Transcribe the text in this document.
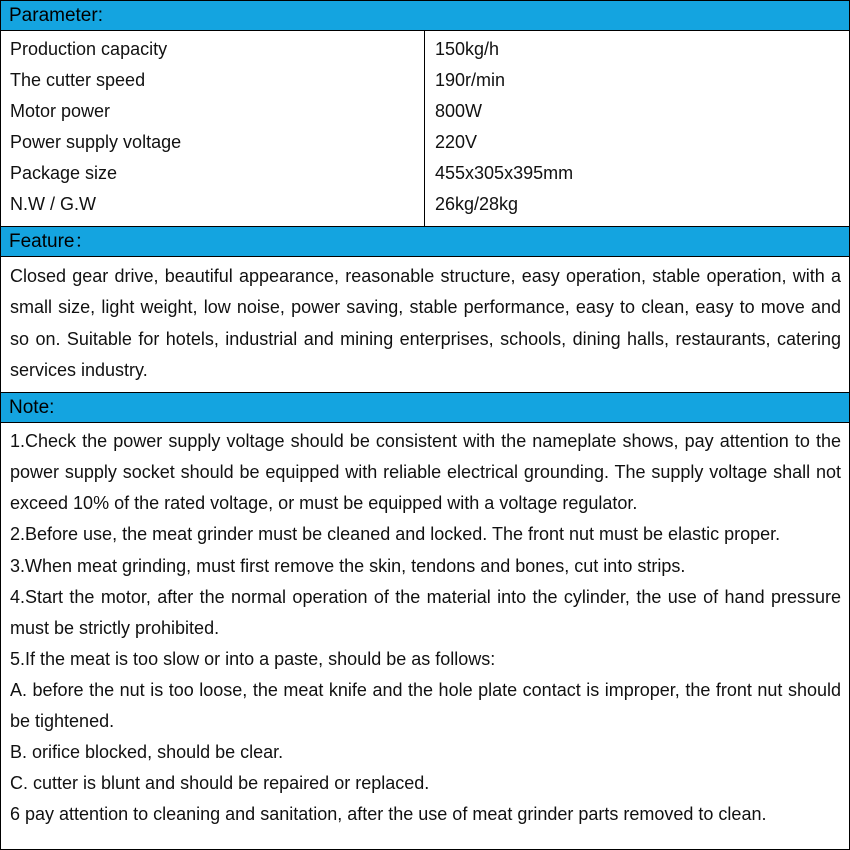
Parameter:
Production capacity	150kg/h
The cutter speed	190r/min
Motor power	800W
Power supply voltage	220V
Package size	455x305x395mm
N.W / G.W	26kg/28kg
Feature：
Closed gear drive, beautiful appearance, reasonable structure, easy operation, stable operation, with a small size, light weight, low noise, power saving, stable performance, easy to clean, easy to move and so on. Suitable for hotels, industrial and mining enterprises, schools, dining halls, restaurants, catering services industry.
Note:

1.Check the power supply voltage should be consistent with the nameplate shows, pay attention to the power supply socket should be equipped with reliable electrical grounding. The supply voltage shall not exceed 10% of the rated voltage, or must be equipped with a voltage regulator.

2.Before use, the meat grinder must be cleaned and locked. The front nut must be elastic proper.

3.When meat grinding, must first remove the skin, tendons and bones, cut into strips.

4.Start the motor, after the normal operation of the material into the cylinder, the use of hand pressure must be strictly prohibited.

5.If the meat is too slow or into a paste, should be as follows:

A. before the nut is too loose, the meat knife and the hole plate contact is improper, the front nut should be tightened.

B. orifice blocked, should be clear.

C. cutter is blunt and should be repaired or replaced.

6 pay attention to cleaning and sanitation, after the use of meat grinder parts removed to clean.
